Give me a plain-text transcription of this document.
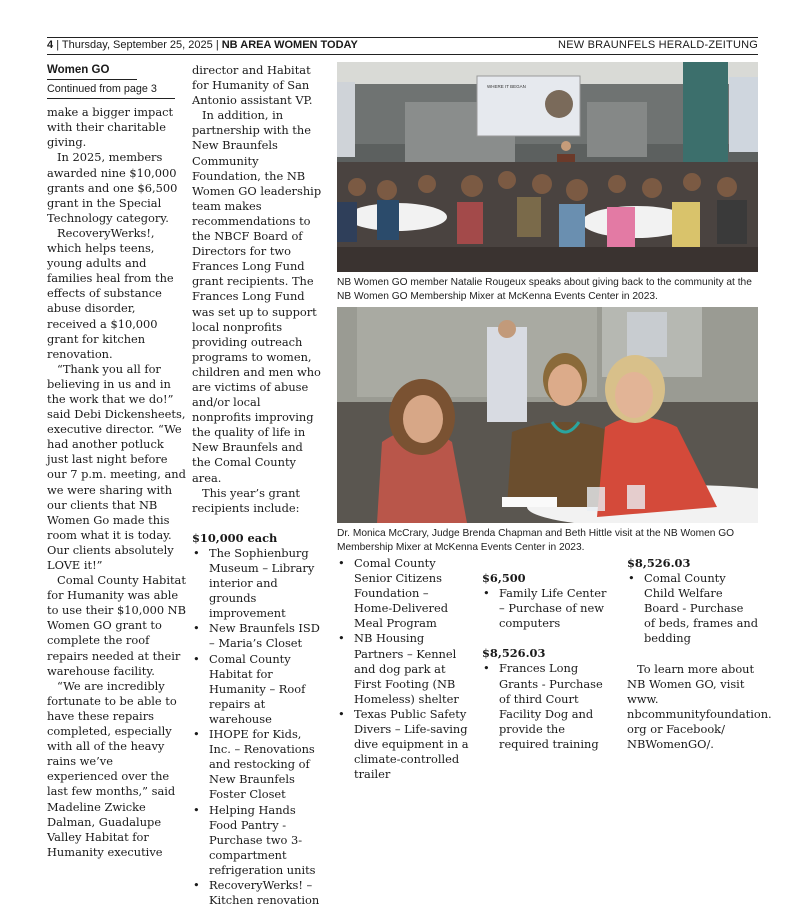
4 | Thursday, September 25, 2025 | NB AREA WOMEN TODAY	NEW BRAUNFELS HERALD-ZEITUNG
Women GO
Continued from page 3

make a bigger impact with their charitable giving.

In 2025, members awarded nine $10,000 grants and one $6,500 grant in the Special Technology category.

RecoveryWerks!, which helps teens, young adults and families heal from the effects of substance abuse disorder, received a $10,000 grant for kitchen renovation.

“Thank you all for believing in us and in the work that we do!” said Debi Dickensheets, executive director. “We had another potluck just last night before our 7 p.m. meeting, and we were sharing with our clients that NB Women Go made this room what it is today. Our clients absolutely LOVE it!”

Comal County Habitat for Humanity was able to use their $10,000 NB Women GO grant to complete the roof repairs needed at their warehouse facility.

“We are incredibly fortunate to be able to have these repairs completed, especially with all of the heavy rains we’ve experienced over the last few months,” said Madeline Zwicke Dalman, Guadalupe Valley Habitat for Humanity executive

director and Habitat for Humanity of San Antonio assistant VP.

In addition, in partnership with the New Braunfels Community Foundation, the NB Women GO leadership team makes recommendations to the NBCF Board of Directors for two Frances Long Fund grant recipients. The Frances Long Fund was set up to support local nonprofits providing outreach programs to women, children and men who are victims of abuse and/or local nonprofits improving the quality of life in New Braunfels and the Comal County area.

This year’s grant recipients include:

$10,000 each
• The Sophienburg Museum – Library interior and grounds improvement
• New Braunfels ISD – Maria’s Closet
• Comal County Habitat for Humanity – Roof repairs at warehouse
• IHOPE for Kids, Inc. – Renovations and restocking of New Braunfels Foster Closet
• Helping Hands Food Pantry - Purchase two 3-compartment refrigeration units
• RecoveryWerks! – Kitchen renovation
WHERE IT BEGAN
NB Women GO member Natalie Rougeux speaks about giving back to the community at the NB Women GO Membership Mixer at McKenna Events Center in 2023.
Dr. Monica McCrary, Judge Brenda Chapman and Beth Hittle visit at the NB Women GO Membership Mixer at McKenna Events Center in 2023.
• Comal County Senior Citizens Foundation – Home-Delivered Meal Program
• NB Housing Partners – Kennel and dog park at First Footing (NB Homeless) shelter
• Texas Public Safety Divers – Life-saving dive equipment in a climate-controlled trailer
$6,500
• Family Life Center – Purchase of new computers
$8,526.03
• Frances Long Grants - Purchase of third Court Facility Dog and provide the required training
$8,526.03
• Comal County Child Welfare Board - Purchase of beds, frames and bedding

To learn more about NB Women GO, visit www. nbcommunityfoundation. org or Facebook/ NBWomenGO/.
